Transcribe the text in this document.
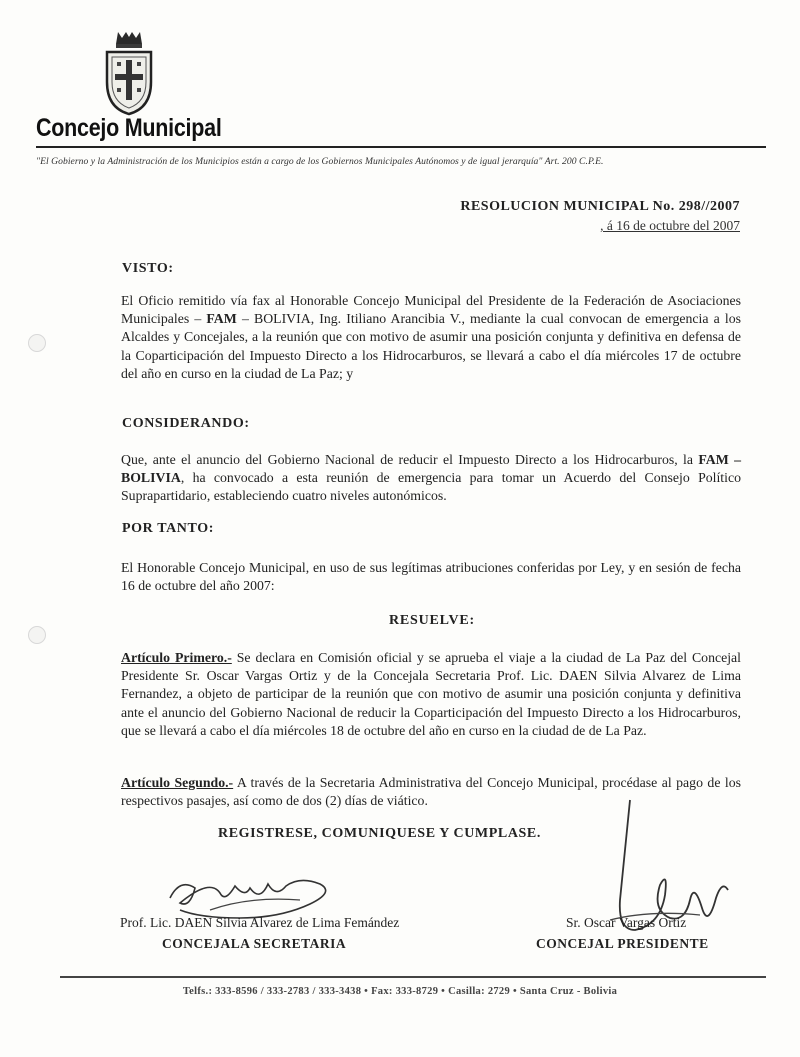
Concejo Municipal
"El Gobierno y la Administración de los Municipios están a cargo de los Gobiernos Municipales Autónomos y de igual jerarquía" Art. 200 C.P.E.
RESOLUCION MUNICIPAL No. 298//2007
, á 16 de octubre del 2007
VISTO:
El Oficio remitido vía fax al Honorable Concejo Municipal del Presidente de la Federación de Asociaciones Municipales – FAM – BOLIVIA, Ing. Itiliano Arancibia V., mediante la cual convocan de emergencia a los Alcaldes y Concejales, a la reunión que con motivo de asumir una posición conjunta y definitiva en defensa de la Coparticipación del Impuesto Directo a los Hidrocarburos, se llevará a cabo el día miércoles 17 de octubre del año en curso en la ciudad de La Paz; y
CONSIDERANDO:
Que, ante el anuncio del Gobierno Nacional de reducir el Impuesto Directo a los Hidrocarburos, la FAM – BOLIVIA, ha convocado a esta reunión de emergencia para tomar un Acuerdo del Consejo Político Suprapartidario, estableciendo cuatro niveles autonómicos.
POR TANTO:
El Honorable Concejo Municipal, en uso de sus legítimas atribuciones conferidas por Ley, y en sesión de fecha 16 de octubre del año 2007:
RESUELVE:
Artículo Primero.- Se declara en Comisión oficial y se aprueba el viaje a la ciudad de La Paz del Concejal Presidente Sr. Oscar Vargas Ortiz y de la Concejala Secretaria Prof. Lic. DAEN Silvia Alvarez de Lima Fernandez, a objeto de participar de la reunión que con motivo de asumir una posición conjunta y definitiva ante el anuncio del Gobierno Nacional de reducir la Coparticipación del Impuesto Directo a los Hidrocarburos, que se llevará a cabo el día miércoles 18 de octubre del año en curso en la ciudad de de La Paz.
Artículo Segundo.- A través de la Secretaria Administrativa del Concejo Municipal, procédase al pago de los respectivos pasajes, así como de dos (2) días de viático.
REGISTRESE, COMUNIQUESE Y CUMPLASE.
Prof. Lic. DAEN Silvia Alvarez de Lima Femández
CONCEJALA SECRETARIA
Sr. Oscar Vargas Ortiz
CONCEJAL PRESIDENTE
Telfs.: 333-8596 / 333-2783 / 333-3438 • Fax: 333-8729 • Casilla: 2729 • Santa Cruz - Bolivia
